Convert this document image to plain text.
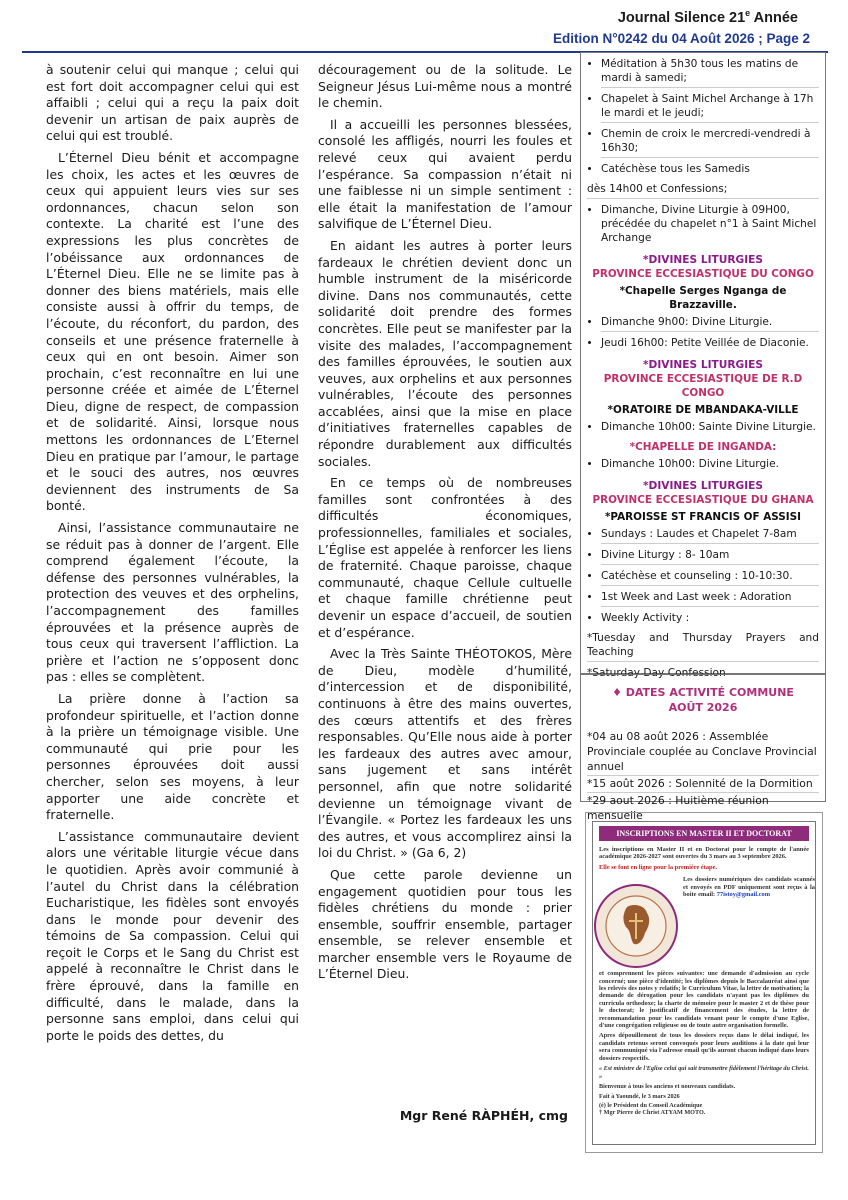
Journal Silence 21e Année
Edition N°0242 du 04 Août 2026 ; Page 2

à soutenir celui qui manque ; celui qui est fort doit accompagner celui qui est affaibli ; celui qui a reçu la paix doit devenir un artisan de paix auprès de celui qui est troublé.

L’Éternel Dieu bénit et accompagne les choix, les actes et les œuvres de ceux qui appuient leurs vies sur ses ordonnances, chacun selon son contexte. La charité est l’une des expressions les plus concrètes de l’obéissance aux ordonnances de L’Éternel Dieu. Elle ne se limite pas à donner des biens matériels, mais elle consiste aussi à offrir du temps, de l’écoute, du réconfort, du pardon, des conseils et une présence fraternelle à ceux qui en ont besoin. Aimer son prochain, c’est reconnaître en lui une personne créée et aimée de L’Éternel Dieu, digne de respect, de compassion et de solidarité. Ainsi, lorsque nous mettons les ordonnances de L’Eternel Dieu en pratique par l’amour, le partage et le souci des autres, nos œuvres deviennent des instruments de Sa bonté.

Ainsi, l’assistance communautaire ne se réduit pas à donner de l’argent. Elle comprend également l’écoute, la défense des personnes vulnérables, la protection des veuves et des orphelins, l’accompagnement des familles éprouvées et la présence auprès de tous ceux qui traversent l’affliction. La prière et l’action ne s’opposent donc pas : elles se complètent.

La prière donne à l’action sa profondeur spirituelle, et l’action donne à la prière un témoignage visible. Une communauté qui prie pour les personnes éprouvées doit aussi chercher, selon ses moyens, à leur apporter une aide concrète et fraternelle.

L’assistance communautaire devient alors une véritable liturgie vécue dans le quotidien. Après avoir communié à l’autel du Christ dans la célébration Eucharistique, les fidèles sont envoyés dans le monde pour devenir des témoins de Sa compassion. Celui qui reçoit le Corps et le Sang du Christ est appelé à reconnaître le Christ dans le frère éprouvé, dans la famille en difficulté, dans le malade, dans la personne sans emploi, dans celui qui porte le poids des dettes, du

découragement ou de la solitude. Le Seigneur Jésus Lui-même nous a montré le chemin.

Il a accueilli les personnes blessées, consolé les affligés, nourri les foules et relevé ceux qui avaient perdu l’espérance. Sa compassion n’était ni une faiblesse ni un simple sentiment : elle était la manifestation de l’amour salvifique de L’Éternel Dieu.

En aidant les autres à porter leurs fardeaux le chrétien devient donc un humble instrument de la miséricorde divine. Dans nos communautés, cette solidarité doit prendre des formes concrètes. Elle peut se manifester par la visite des malades, l’accompagnement des familles éprouvées, le soutien aux veuves, aux orphelins et aux personnes vulnérables, l’écoute des personnes accablées, ainsi que la mise en place d’initiatives fraternelles capables de répondre durablement aux difficultés sociales.

En ce temps où de nombreuses familles sont confrontées à des difficultés économiques, professionnelles, familiales et sociales, L’Église est appelée à renforcer les liens de fraternité. Chaque paroisse, chaque communauté, chaque Cellule cultuelle et chaque famille chrétienne peut devenir un espace d’accueil, de soutien et d’espérance.

Avec la Très Sainte THÉOTOKOS, Mère de Dieu, modèle d’humilité, d’intercession et de disponibilité, continuons à être des mains ouvertes, des cœurs attentifs et des frères responsables. Qu’Elle nous aide à porter les fardeaux des autres avec amour, sans jugement et sans intérêt personnel, afin que notre solidarité devienne un témoignage vivant de l’Évangile. « Portez les fardeaux les uns des autres, et vous accomplirez ainsi la loi du Christ. » (Ga 6, 2)

Que cette parole devienne un engagement quotidien pour tous les fidèles chrétiens du monde : prier ensemble, souffrir ensemble, partager ensemble, se relever ensemble et marcher ensemble vers le Royaume de L’Éternel Dieu.

Mgr René RÀPHÉH, cmg
• Méditation à 5h30 tous les matins de mardi à samedi;
• Chapelet à Saint Michel Archange à 17h le mardi et le jeudi;
• Chemin de croix le mercredi-vendredi à 16h30;
• Catéchèse tous les Samedis
dès 14h00 et Confessions;
• Dimanche, Divine Liturgie à 09H00, précédée du chapelet n°1 à Saint Michel Archange
*DIVINES LITURGIES
PROVINCE ECCESIASTIQUE DU CONGO
*Chapelle Serges Nganga de Brazzaville.
• Dimanche 9h00: Divine Liturgie.
• Jeudi 16h00: Petite Veillée de Diaconie.
*DIVINES LITURGIES
PROVINCE ECCESIASTIQUE DE R.D CONGO
*ORATOIRE DE MBANDAKA-VILLE
• Dimanche 10h00: Sainte Divine Liturgie.
*CHAPELLE DE INGANDA:
• Dimanche 10h00: Divine Liturgie.
*DIVINES LITURGIES
PROVINCE ECCESIASTIQUE DU GHANA
*PAROISSE ST FRANCIS OF ASSISI
• Sundays : Laudes et Chapelet 7-8am
• Divine Liturgy : 8- 10am
• Catéchèse et counseling : 10-10:30.
• 1st Week and Last week : Adoration
• Weekly Activity :
*Tuesday and Thursday Prayers and Teaching
*Saturday Day Confession
♦ DATES ACTIVITÉ COMMUNE
AOÛT 2026
*04 au 08 août 2026 : Assemblée Provinciale couplée au Conclave Provincial annuel
*15 août 2026 : Solennité de la Dormition
*29 aout 2026 : Huitième réunion mensuelle
INSCRIPTIONS EN MASTER II ET DOCTORAT
Les inscriptions en Master II et en Doctorat pour le compte de l'année académique 2026-2027 sont ouvertes du 3 mars au 3 septembre 2026.
Elle se font en ligne pour la première étape.
Les dossiers numériques des candidats scannés et envoyés en PDF uniquement sont reçus à la boite email: 77istoy@gmail.com
et comprennent les pièces suivantes: une demande d'admission au cycle concerné; une pièce d'identité; les diplômes depuis le Baccalauréat ainsi que les relevés des notes y relatifs; le Curriculum Vitae, la lettre de motivation; la demande de dérogation pour les candidats n'ayant pas les diplômes du curricula orthodoxe; la charte de mémoire pour le master 2 et de thèse pour le doctorat; le justificatif de financement des études, la lettre de recommandation pour les candidats venant pour le compte d'une Eglise, d'une congrégation religieuse ou de toute autre organisation formelle.
Apres dépouillement de tous les dossiers reçus dans le délai indiqué, les candidats retenus seront convoqués pour leurs auditions à la date qui leur sera communiqué via l'adresse email qu'ils auront chacun indiqué dans leurs dossiers respectifs.
« Est ministre de l'Eglise celui qui sait transmettre fidèlement l'héritage du Christ. »
Bienvenue à tous les anciens et nouveaux candidats.
Fait à Yaoundé, le 3 mars 2026
(é) le Président du Conseil Académique
† Mgr Pierre de Christ ATYAM MOTO.
